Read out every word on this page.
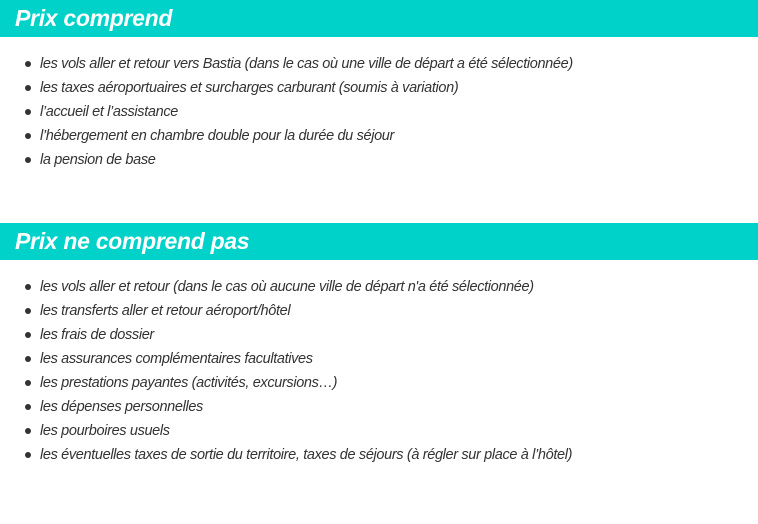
Prix comprend
les vols aller et retour vers Bastia (dans le cas où une ville de départ a été sélectionnée)
les taxes aéroportuaires et surcharges carburant (soumis à variation)
l’accueil et l’assistance
l’hébergement en chambre double pour la durée du séjour
la pension de base
Prix ne comprend pas
les vols aller et retour (dans le cas où aucune ville de départ n'a été sélectionnée)
les transferts aller et retour aéroport/hôtel
les frais de dossier
les assurances complémentaires facultatives
les prestations payantes (activités, excursions…)
les dépenses personnelles
les pourboires usuels
les éventuelles taxes de sortie du territoire, taxes de séjours (à régler sur place à l’hôtel)
